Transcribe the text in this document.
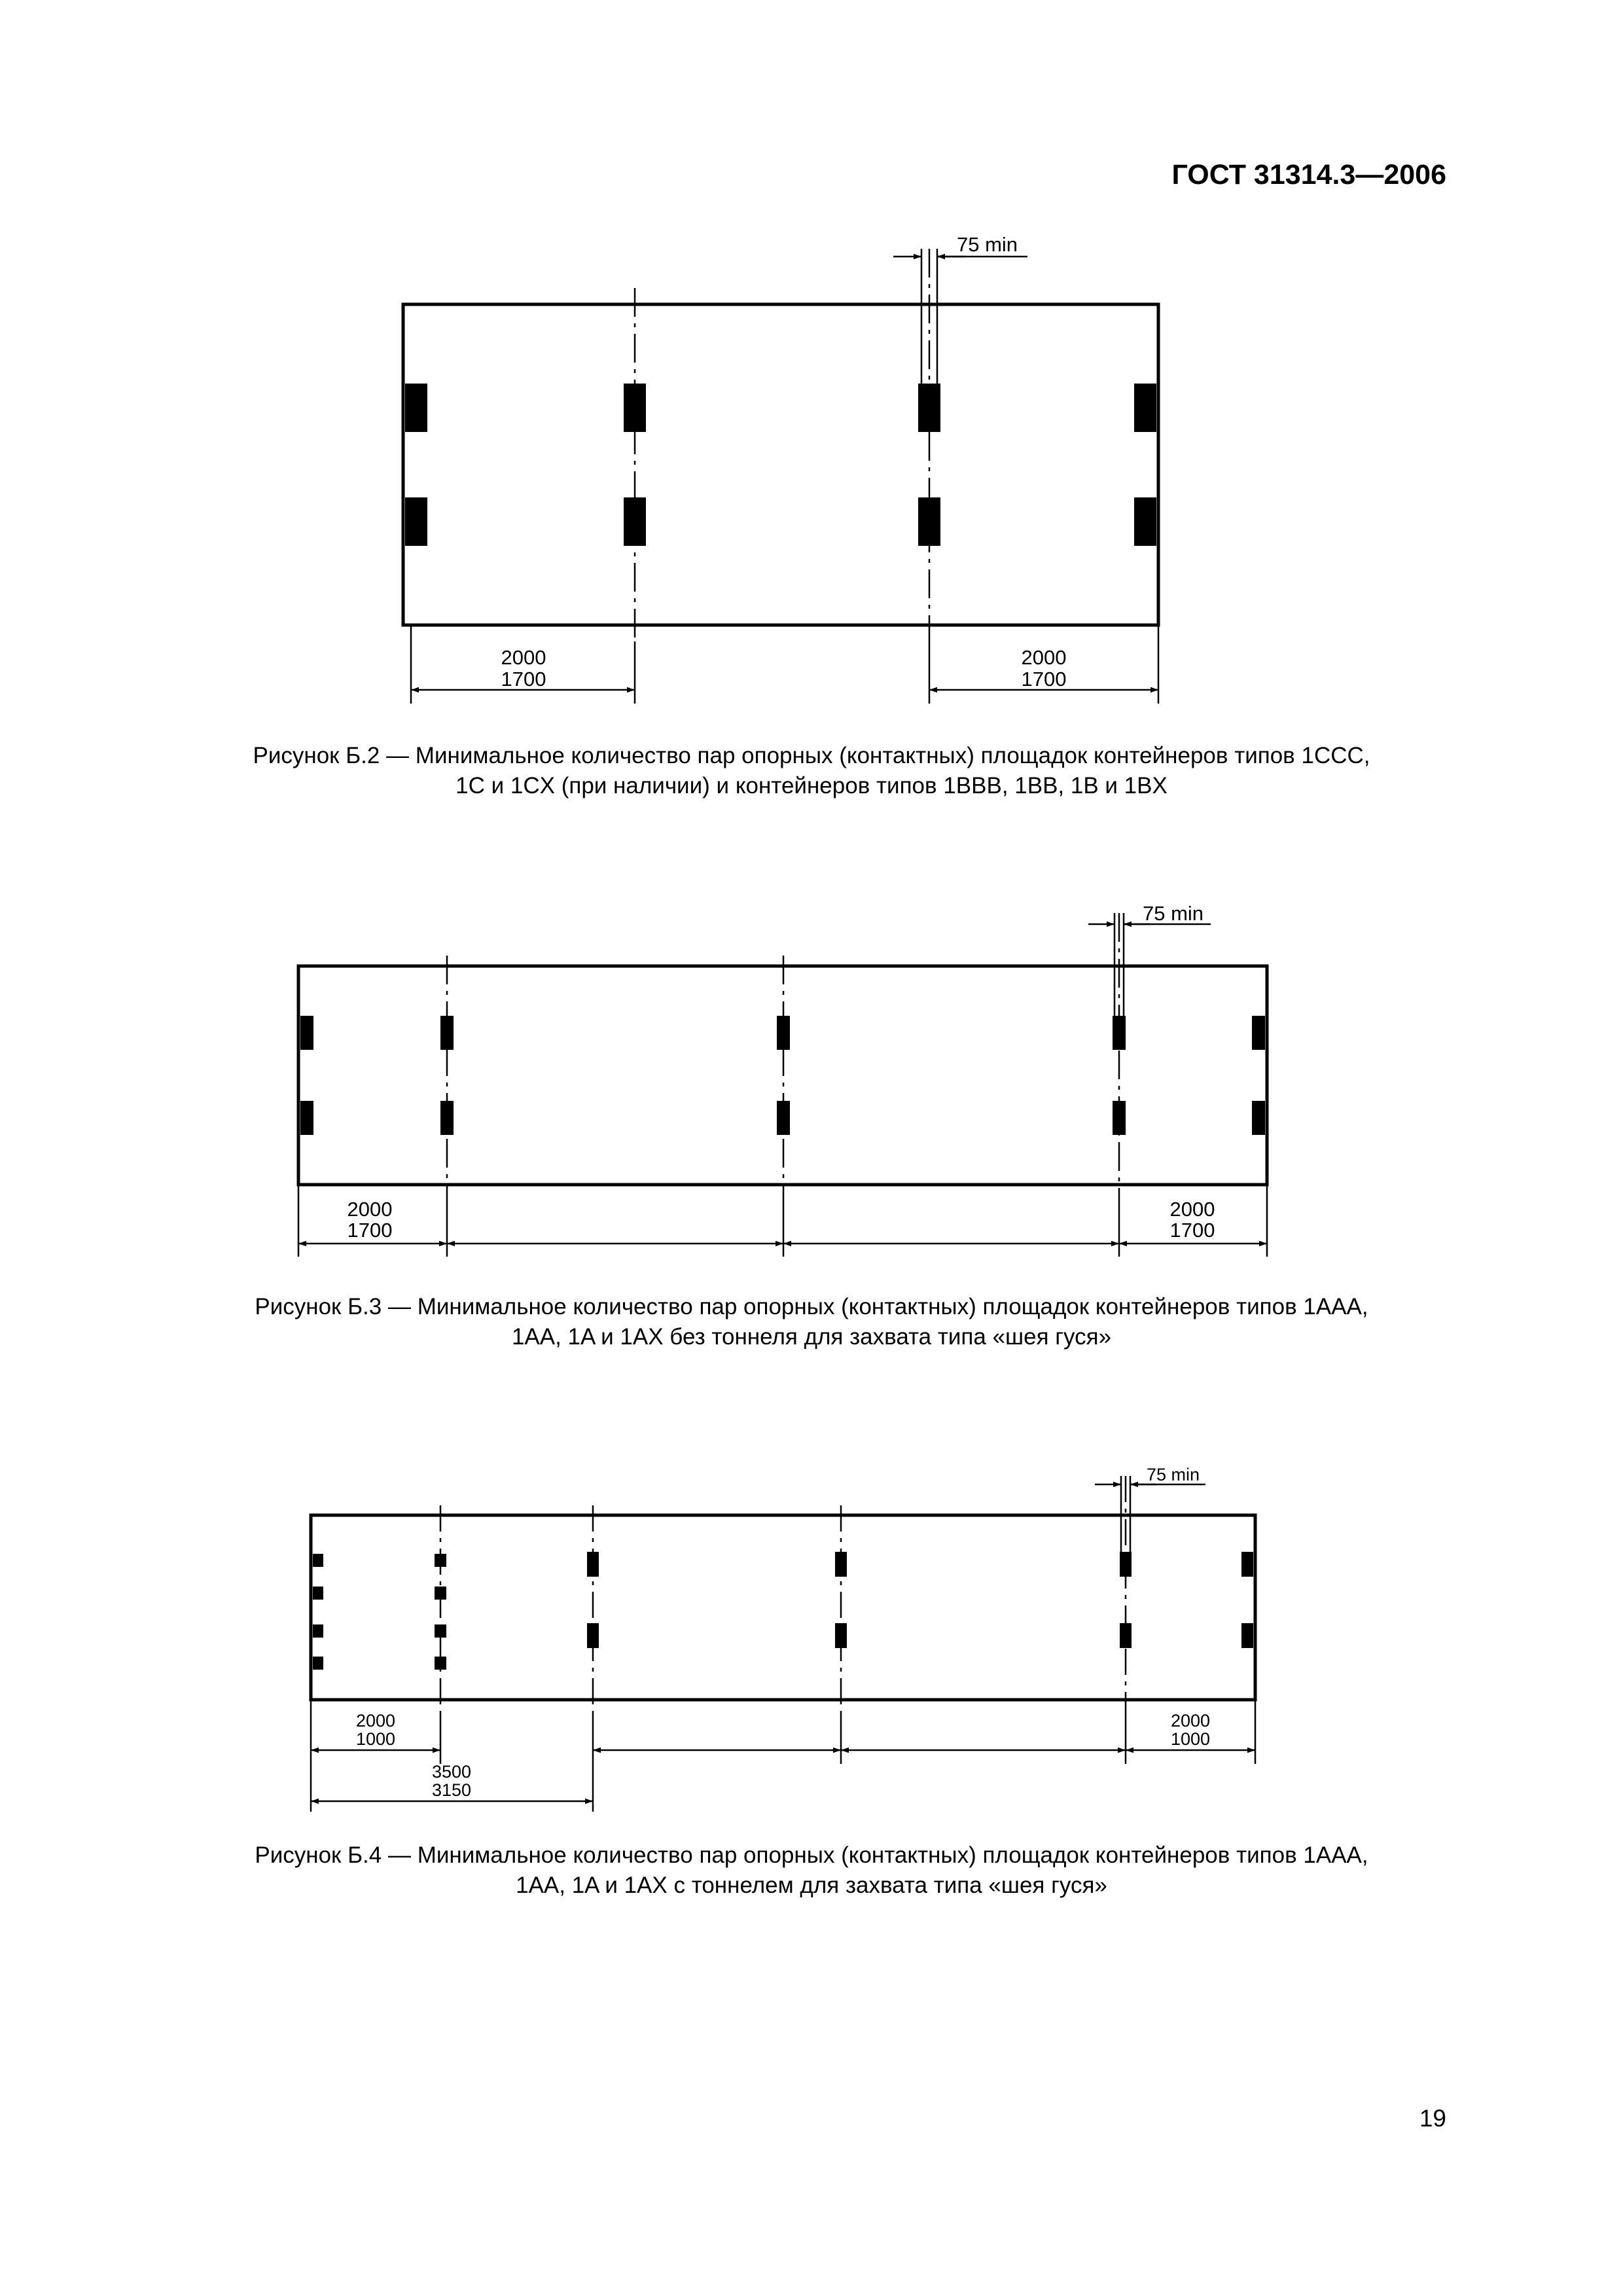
ГОСТ 31314.3—2006
75 min
2000
1700
2000
1700
Рисунок Б.2 — Минимальное количество пар опорных (контактных) площадок контейнеров типов 1CCC,
1C и 1CX (при наличии) и контейнеров типов 1BBB, 1BB, 1B и 1BX
75 min
2000
1700
2000
1700
Рисунок Б.3 — Минимальное количество пар опорных (контактных) площадок контейнеров типов 1AAA,
1AA, 1A и 1AX без тоннеля для захвата типа «шея гуся»
75 min
2000
1000
2000
1000
3500
3150
Рисунок Б.4 — Минимальное количество пар опорных (контактных) площадок контейнеров типов 1AAA,
1AA, 1A и 1AX с тоннелем для захвата типа «шея гуся»
19
